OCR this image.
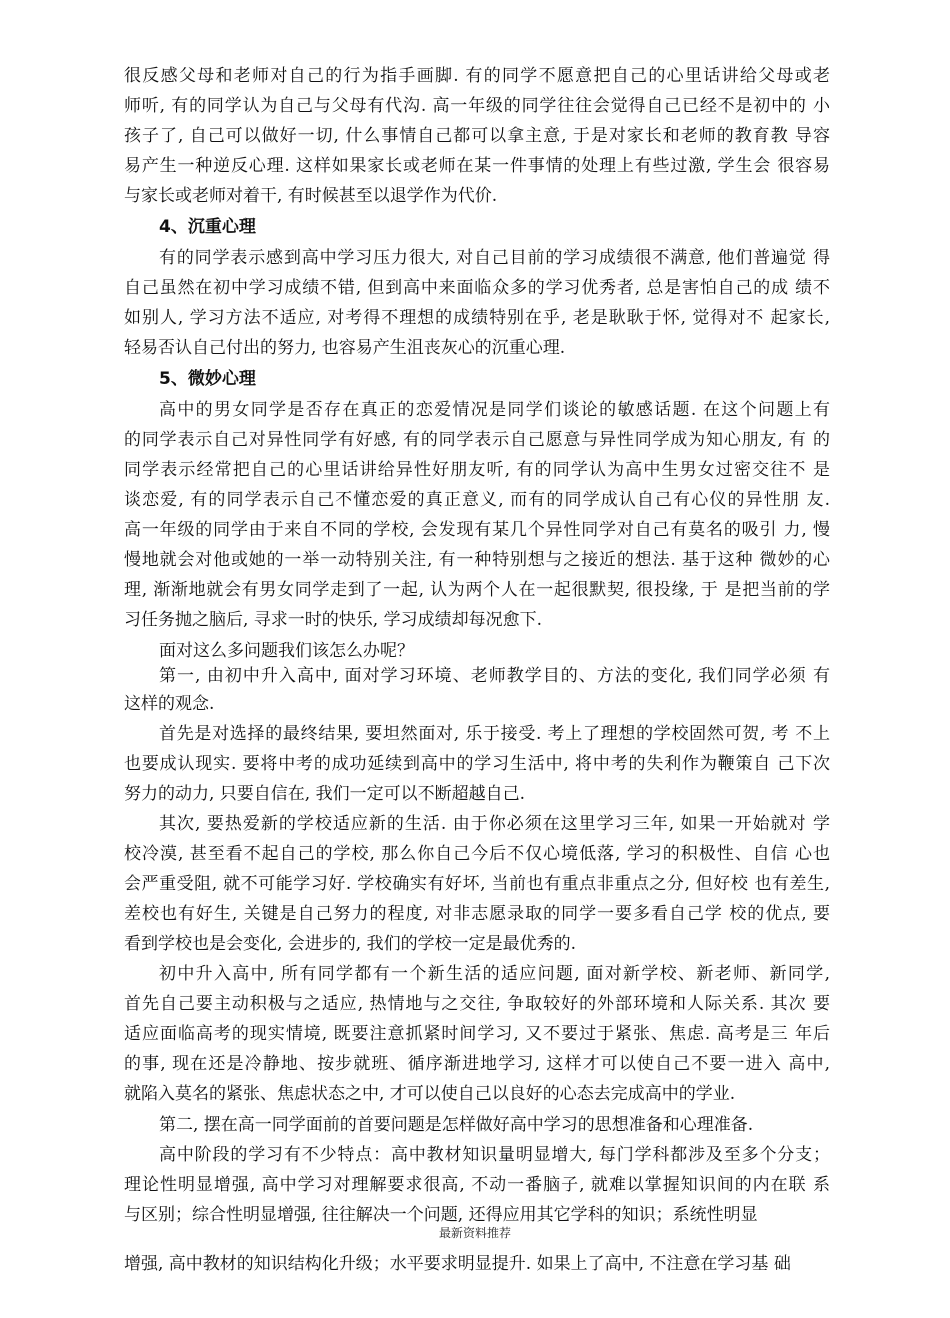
很反感父母和老师对自己的行为指手画脚. 有的同学不愿意把自己的心里话讲给父母或老
师听, 有的同学认为自己与父母有代沟. 高一年级的同学往往会觉得自己已经不是初中的 小
孩子了, 自己可以做好一切, 什么事情自己都可以拿主意, 于是对家长和老师的教育教 导容
易产生一种逆反心理. 这样如果家长或老师在某一件事情的处理上有些过激, 学生会 很容易
与家长或老师对着干, 有时候甚至以退学作为代价.
4、沉重心理
有的同学表示感到高中学习压力很大, 对自己目前的学习成绩很不满意, 他们普遍觉 得
自己虽然在初中学习成绩不错, 但到高中来面临众多的学习优秀者, 总是害怕自己的成 绩不
如别人, 学习方法不适应, 对考得不理想的成绩特别在乎, 老是耿耿于怀, 觉得对不 起家长,
轻易否认自己付出的努力, 也容易产生沮丧灰心的沉重心理.
5、微妙心理
高中的男女同学是否存在真正的恋爱情况是同学们谈论的敏感话题. 在这个问题上有
的同学表示自己对异性同学有好感, 有的同学表示自己愿意与异性同学成为知心朋友, 有 的
同学表示经常把自己的心里话讲给异性好朋友听, 有的同学认为高中生男女过密交往不 是
谈恋爱, 有的同学表示自己不懂恋爱的真正意义, 而有的同学成认自己有心仪的异性朋 友.
高一年级的同学由于来自不同的学校, 会发现有某几个异性同学对自己有莫名的吸引 力, 慢
慢地就会对他或她的一举一动特别关注, 有一种特别想与之接近的想法. 基于这种 微妙的心
理, 渐渐地就会有男女同学走到了一起, 认为两个人在一起很默契, 很投缘, 于 是把当前的学
习任务抛之脑后, 寻求一时的快乐, 学习成绩却每况愈下.
面对这么多问题我们该怎么办呢？
第一, 由初中升入高中, 面对学习环境、老师教学目的、方法的变化, 我们同学必须 有
这样的观念.
首先是对选择的最终结果, 要坦然面对, 乐于接受. 考上了理想的学校固然可贺, 考 不上
也要成认现实. 要将中考的成功延续到高中的学习生活中, 将中考的失利作为鞭策自 己下次
努力的动力, 只要自信在, 我们一定可以不断超越自己.
其次, 要热爱新的学校适应新的生活. 由于你必须在这里学习三年, 如果一开始就对 学
校冷漠, 甚至看不起自己的学校, 那么你自己今后不仅心境低落, 学习的积极性、自信 心也
会严重受阻, 就不可能学习好. 学校确实有好坏, 当前也有重点非重点之分, 但好校 也有差生,
差校也有好生, 关键是自己努力的程度, 对非志愿录取的同学一要多看自己学 校的优点, 要
看到学校也是会变化, 会进步的, 我们的学校一定是最优秀的.
初中升入高中, 所有同学都有一个新生活的适应问题, 面对新学校、新老师、新同学,
首先自己要主动积极与之适应, 热情地与之交往, 争取较好的外部环境和人际关系. 其次 要
适应面临高考的现实情境, 既要注意抓紧时间学习, 又不要过于紧张、焦虑. 高考是三 年后
的事, 现在还是冷静地、按步就班、循序渐进地学习, 这样才可以使自己不要一进入 高中,
就陷入莫名的紧张、焦虑状态之中, 才可以使自己以良好的心态去完成高中的学业.
第二, 摆在高一同学面前的首要问题是怎样做好高中学习的思想准备和心理准备.
高中阶段的学习有不少特点：高中教材知识量明显增大, 每门学科都涉及至多个分支；
理论性明显增强, 高中学习对理解要求很高, 不动一番脑子, 就难以掌握知识间的内在联 系
与区别；综合性明显增强, 往往解决一个问题, 还得应用其它学科的知识；系统性明显
最新资料推荐
增强, 高中教材的知识结构化升级；水平要求明显提升. 如果上了高中, 不注意在学习基 础
